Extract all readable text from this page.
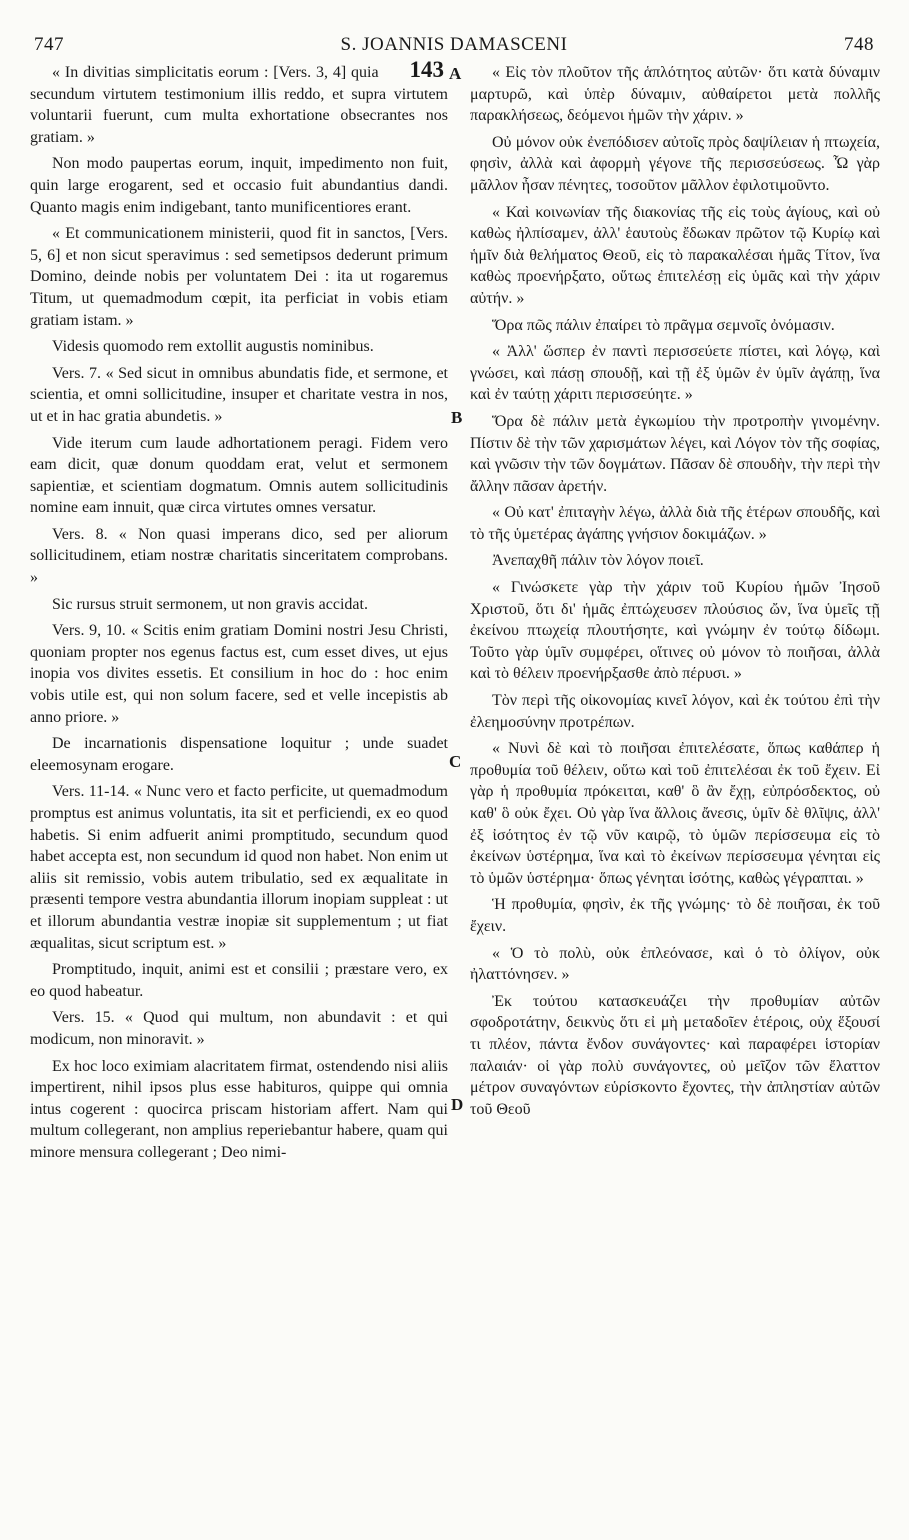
747	S. JOANNIS DAMASCENI	748
A
B
C
D

« In divitias simplicitatis eorum : [Vers. 3, 4] quia 143 secundum virtutem testimonium illis reddo, et supra virtutem voluntarii fuerunt, cum multa exhortatione obsecrantes nos gratiam. »

Non modo paupertas eorum, inquit, impedimento non fuit, quin large erogarent, sed et occasio fuit abundantius dandi. Quanto magis enim indigebant, tanto munificentiores erant.

« Et communicationem ministerii, quod fit in sanctos, [Vers. 5, 6] et non sicut speravimus : sed semetipsos dederunt primum Domino, deinde nobis per voluntatem Dei : ita ut rogaremus Titum, ut quemadmodum cœpit, ita perficiat in vobis etiam gratiam istam. »

Videsis quomodo rem extollit augustis nominibus.

Vers. 7. « Sed sicut in omnibus abundatis fide, et sermone, et scientia, et omni sollicitudine, insuper et charitate vestra in nos, ut et in hac gratia abundetis. »

Vide iterum cum laude adhortationem peragi. Fidem vero eam dicit, quæ donum quoddam erat, velut et sermonem sapientiæ, et scientiam dogmatum. Omnis autem sollicitudinis nomine eam innuit, quæ circa virtutes omnes versatur.

Vers. 8. « Non quasi imperans dico, sed per aliorum sollicitudinem, etiam nostræ charitatis sinceritatem comprobans. »

Sic rursus struit sermonem, ut non gravis accidat.

Vers. 9, 10. « Scitis enim gratiam Domini nostri Jesu Christi, quoniam propter nos egenus factus est, cum esset dives, ut ejus inopia vos divites essetis. Et consilium in hoc do : hoc enim vobis utile est, qui non solum facere, sed et velle incepistis ab anno priore. »

De incarnationis dispensatione loquitur ; unde suadet eleemosynam erogare.

Vers. 11-14. « Nunc vero et facto perficite, ut quemadmodum promptus est animus voluntatis, ita sit et perficiendi, ex eo quod habetis. Si enim adfuerit animi promptitudo, secundum quod habet accepta est, non secundum id quod non habet. Non enim ut aliis sit remissio, vobis autem tribulatio, sed ex æqualitate in præsenti tempore vestra abundantia illorum inopiam suppleat : ut et illorum abundantia vestræ inopiæ sit supplementum ; ut fiat æqualitas, sicut scriptum est. »

Promptitudo, inquit, animi est et consilii ; præstare vero, ex eo quod habeatur.

Vers. 15. « Quod qui multum, non abundavit : et qui modicum, non minoravit. »

Ex hoc loco eximiam alacritatem firmat, ostendendo nisi aliis impertirent, nihil ipsos plus esse habituros, quippe qui omnia intus cogerent : quocirca priscam historiam affert. Nam qui multum collegerant, non amplius reperiebantur habere, quam qui minore mensura collegerant ; Deo nimi-

« Εἰς τὸν πλοῦτον τῆς ἁπλότητος αὐτῶν· ὅτι κατὰ δύναμιν μαρτυρῶ, καὶ ὑπὲρ δύναμιν, αὐθαίρετοι μετὰ πολλῆς παρακλήσεως, δεόμενοι ἡμῶν τὴν χάριν. »

Οὐ μόνον οὐκ ἐνεπόδισεν αὐτοῖς πρὸς δαψίλειαν ἡ πτωχεία, φησὶν, ἀλλὰ καὶ ἀφορμὴ γέγονε τῆς περισσεύσεως. Ὧ γὰρ μᾶλλον ἦσαν πένητες, τοσοῦτον μᾶλλον ἐφιλοτιμοῦντο.

« Καὶ κοινωνίαν τῆς διακονίας τῆς εἰς τοὺς ἁγίους, καὶ οὐ καθὼς ἠλπίσαμεν, ἀλλ' ἑαυτοὺς ἔδωκαν πρῶτον τῷ Κυρίῳ καὶ ἡμῖν διὰ θελήματος Θεοῦ, εἰς τὸ παρακαλέσαι ἡμᾶς Τίτον, ἵνα καθὼς προενήρξατο, οὕτως ἐπιτελέσῃ εἰς ὑμᾶς καὶ τὴν χάριν αὐτήν. »

Ὅρα πῶς πάλιν ἐπαίρει τὸ πρᾶγμα σεμνοῖς ὀνόμασιν.

« Ἀλλ' ὥσπερ ἐν παντὶ περισσεύετε πίστει, καὶ λόγῳ, καὶ γνώσει, καὶ πάσῃ σπουδῇ, καὶ τῇ ἐξ ὑμῶν ἐν ὑμῖν ἀγάπῃ, ἵνα καὶ ἐν ταύτῃ χάριτι περισσεύητε. »

Ὅρα δὲ πάλιν μετὰ ἐγκωμίου τὴν προτροπὴν γινομένην. Πίστιν δὲ τὴν τῶν χαρισμάτων λέγει, καὶ Λόγον τὸν τῆς σοφίας, καὶ γνῶσιν τὴν τῶν δογμάτων. Πᾶσαν δὲ σπουδὴν, τὴν περὶ τὴν ἄλλην πᾶσαν ἀρετήν.

« Οὐ κατ' ἐπιταγὴν λέγω, ἀλλὰ διὰ τῆς ἑτέρων σπουδῆς, καὶ τὸ τῆς ὑμετέρας ἀγάπης γνήσιον δοκιμάζων. »

Ἀνεπαχθῆ πάλιν τὸν λόγον ποιεῖ.

« Γινώσκετε γὰρ τὴν χάριν τοῦ Κυρίου ἡμῶν Ἰησοῦ Χριστοῦ, ὅτι δι' ἡμᾶς ἐπτώχευσεν πλούσιος ὤν, ἵνα ὑμεῖς τῇ ἐκείνου πτωχείᾳ πλουτήσητε, καὶ γνώμην ἐν τούτῳ δίδωμι. Τοῦτο γὰρ ὑμῖν συμφέρει, οἵτινες οὐ μόνον τὸ ποιῆσαι, ἀλλὰ καὶ τὸ θέλειν προενήρξασθε ἀπὸ πέρυσι. »

Τὸν περὶ τῆς οἰκονομίας κινεῖ λόγον, καὶ ἐκ τούτου ἐπὶ τὴν ἐλεημοσύνην προτρέπων.

« Νυνὶ δὲ καὶ τὸ ποιῆσαι ἐπιτελέσατε, ὅπως καθάπερ ἡ προθυμία τοῦ θέλειν, οὕτω καὶ τοῦ ἐπιτελέσαι ἐκ τοῦ ἔχειν. Εἰ γὰρ ἡ προθυμία πρόκειται, καθ' ὃ ἂν ἔχῃ, εὐπρόσδεκτος, οὐ καθ' ὃ οὐκ ἔχει. Οὐ γὰρ ἵνα ἄλλοις ἄνεσις, ὑμῖν δὲ θλῖψις, ἀλλ' ἐξ ἰσότητος ἐν τῷ νῦν καιρῷ, τὸ ὑμῶν περίσσευμα εἰς τὸ ἐκείνων ὑστέρημα, ἵνα καὶ τὸ ἐκείνων περίσσευμα γένηται εἰς τὸ ὑμῶν ὑστέρημα· ὅπως γένηται ἰσότης, καθὼς γέγραπται. »

Ἡ προθυμία, φησὶν, ἐκ τῆς γνώμης· τὸ δὲ ποιῆσαι, ἐκ τοῦ ἔχειν.

« Ὁ τὸ πολὺ, οὐκ ἐπλεόνασε, καὶ ὁ τὸ ὀλίγον, οὐκ ἠλαττόνησεν. »

Ἐκ τούτου κατασκευάζει τὴν προθυμίαν αὐτῶν σφοδροτάτην, δεικνὺς ὅτι εἰ μὴ μεταδοῖεν ἑτέροις, οὐχ ἕξουσί τι πλέον, πάντα ἔνδον συνάγοντες· καὶ παραφέρει ἱστορίαν παλαιάν· οἱ γὰρ πολὺ συνάγοντες, οὐ μεῖζον τῶν ἔλαττον μέτρον συναγόντων εὑρίσκοντο ἔχοντες, τὴν ἀπληστίαν αὐτῶν τοῦ Θεοῦ
